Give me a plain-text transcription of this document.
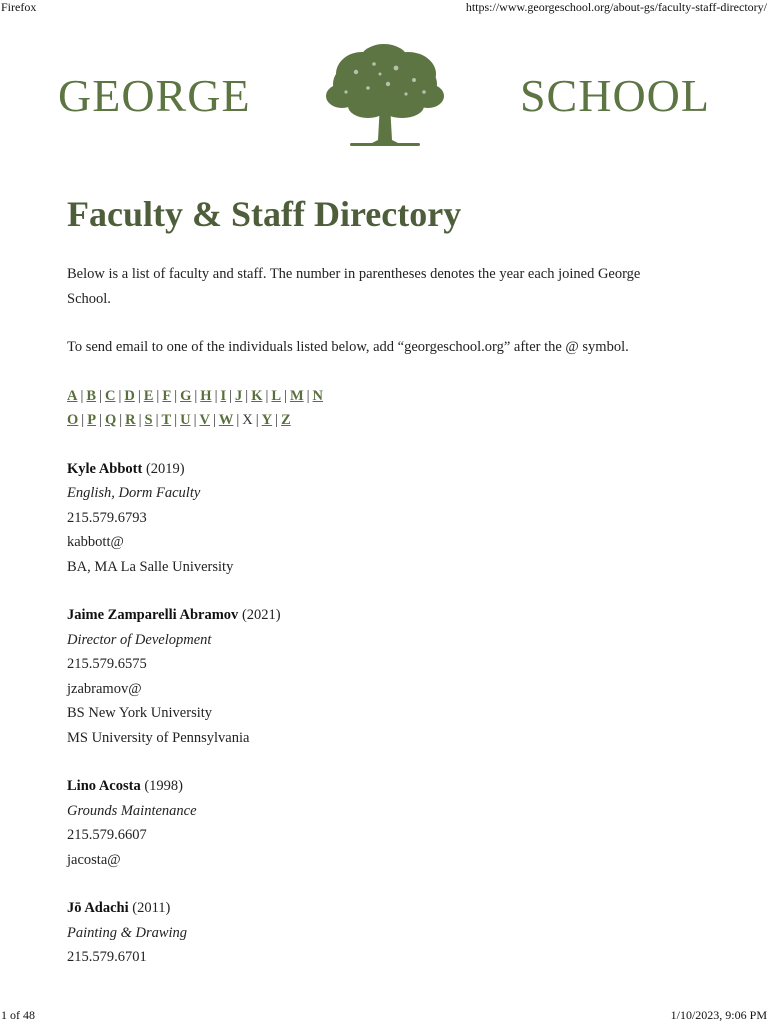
Firefox	https://www.georgeschool.org/about-gs/faculty-staff-directory/
GEORGE	SCHOOL
Faculty & Staff Directory

Below is a list of faculty and staff. The number in parentheses denotes the year each joined George School.

To send email to one of the individuals listed below, add “georgeschool.org” after the @ symbol.

A | B | C | D | E | F | G | H | I | J | K | L | M | N
O | P | Q | R | S | T | U | V | W | X | Y | Z
Kyle Abbott (2019)
English, Dorm Faculty
215.579.6793
kabbott@
BA, MA La Salle University
Jaime Zamparelli Abramov (2021)
Director of Development
215.579.6575
jzabramov@
BS New York University
MS University of Pennsylvania
Lino Acosta (1998)
Grounds Maintenance
215.579.6607
jacosta@
Jō Adachi (2011)
Painting & Drawing
215.579.6701
1 of 48	1/10/2023, 9:06 PM
